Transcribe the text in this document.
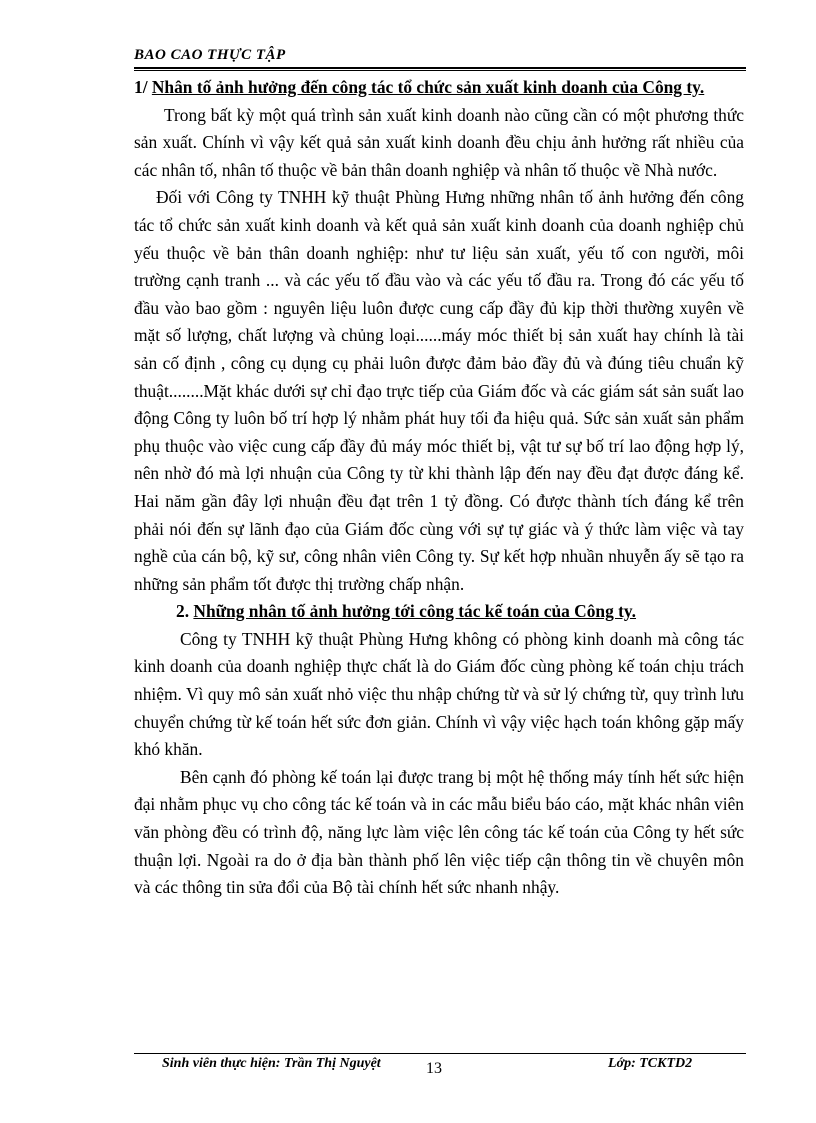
BAO CAO THỰC TẬP

1/ Nhân tố ảnh hưởng đến công tác tổ chức sản xuất kinh doanh của Công ty.

Trong bất kỳ một quá trình sản xuất kinh doanh nào cũng cần có một phương thức sản xuất. Chính vì vậy kết quả sản xuất kinh doanh đều chịu ảnh hưởng rất nhiều của các nhân tố, nhân tố thuộc về bản thân doanh nghiệp và nhân tố thuộc về Nhà nước.

Đối với Công ty TNHH kỹ thuật Phùng Hưng những nhân tố ảnh hưởng đến công tác tổ chức sản xuất kinh doanh và kết quả sản xuất kinh doanh của doanh nghiệp chủ yếu thuộc về bản thân doanh nghiệp: như tư liệu sản xuất, yếu tố con người, môi trường cạnh tranh ... và các yếu tố đầu vào và các yếu tố đầu ra. Trong đó các yếu tố đầu vào bao gồm : nguyên liệu luôn được cung cấp đầy đủ kịp thời thường xuyên về mặt số lượng, chất lượng và chủng loại......máy móc thiết bị sản xuất hay chính là tài sản cố định , công cụ dụng cụ phải luôn được đảm bảo đầy đủ và đúng tiêu chuẩn kỹ thuật........Mặt khác dưới sự chỉ đạo trực tiếp của Giám đốc và các giám sát sản suất lao động Công ty luôn bố trí hợp lý nhằm phát huy tối đa hiệu quả. Sức sản xuất sản phẩm phụ thuộc vào việc cung cấp đầy đủ máy móc thiết bị, vật tư sự bố trí lao động hợp lý, nên nhờ đó mà lợi nhuận của Công ty từ khi thành lập đến nay đều đạt được đáng kể. Hai năm gần đây lợi nhuận đều đạt trên 1 tỷ đồng. Có được thành tích đáng kể trên phải nói đến sự lãnh đạo của Giám đốc cùng với sự tự giác và ý thức làm việc và tay nghề của cán bộ, kỹ sư, công nhân viên Công ty. Sự kết hợp nhuần nhuyễn ấy sẽ tạo ra những sản phẩm tốt được thị trường chấp nhận.

2. Những nhân tố ảnh hưởng tới công tác kế toán của Công ty.

Công ty TNHH kỹ thuật Phùng Hưng không có phòng kinh doanh mà công tác kinh doanh của doanh nghiệp thực chất là do Giám đốc cùng phòng kế toán chịu trách nhiệm. Vì quy mô sản xuất nhỏ việc thu nhập chứng từ và sử lý chứng từ, quy trình lưu chuyển chứng từ kế toán hết sức đơn giản. Chính vì vậy việc hạch toán không gặp mấy khó khăn.

Bên cạnh đó phòng kế toán lại được trang bị một hệ thống máy tính hết sức hiện đại nhằm phục vụ cho công tác kế toán và in các mẫu biểu báo cáo, mặt khác nhân viên văn phòng đều có trình độ, năng lực làm việc lên công tác kế toán của Công ty hết sức thuận lợi. Ngoài ra do ở địa bàn thành phố lên việc tiếp cận thông tin về chuyên môn và các thông tin sửa đổi của Bộ tài chính hết sức nhanh nhậy.

Sinh viên thực hiện: Trần Thị Nguyệt	13	Lớp: TCKTD2
